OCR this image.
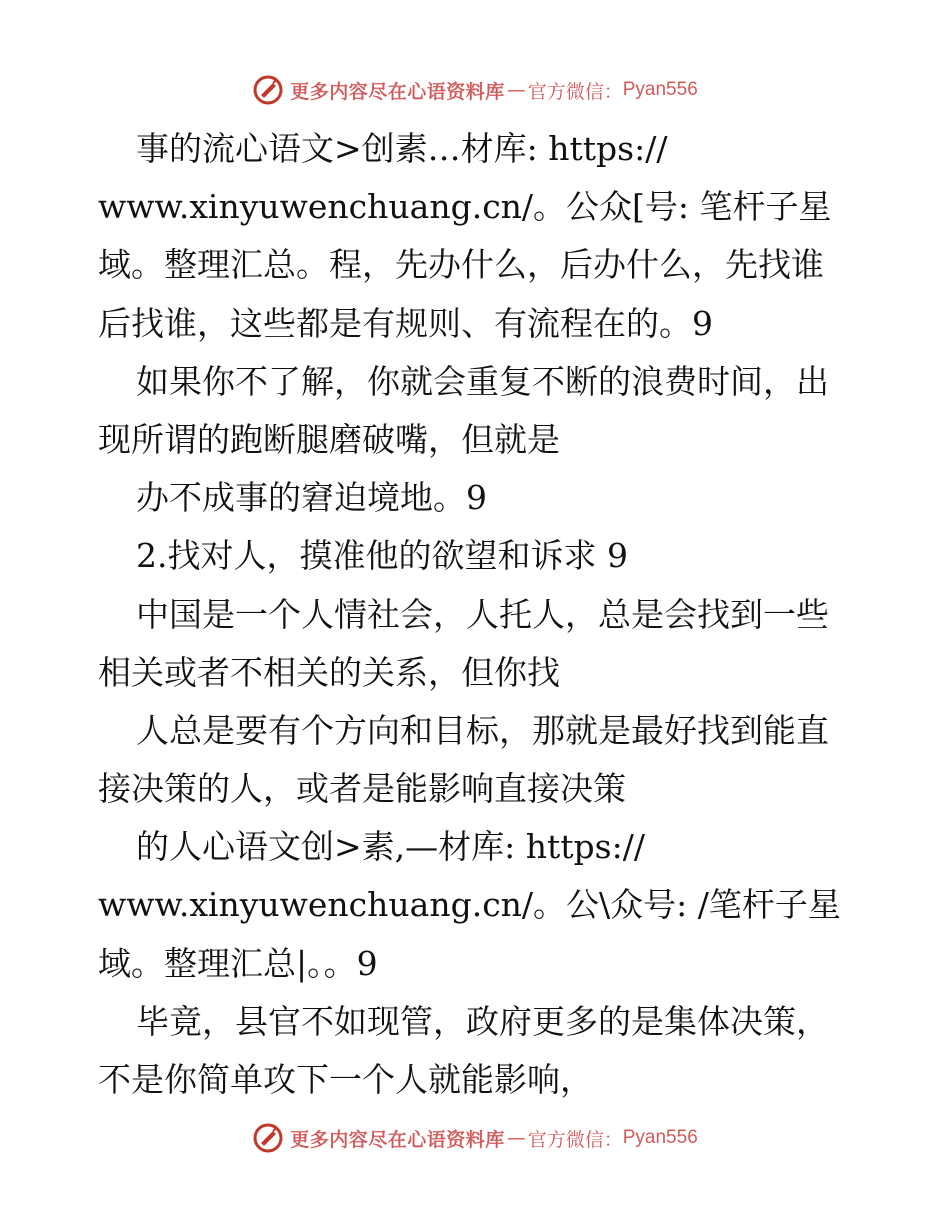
更多内容尽在心语资料库 — 官方微信： Pyan556
事的流心语文>创素…材库: https://
www.xinyuwenchuang.cn/。公众[号: 笔杆子星
域。整理汇总。程，先办什么，后办什么，先找谁
后找谁，这些都是有规则、有流程在的。9
如果你不了解，你就会重复不断的浪费时间，出
现所谓的跑断腿磨破嘴，但就是
办不成事的窘迫境地。9
2.找对人，摸准他的欲望和诉求 9
中国是一个人情社会，人托人，总是会找到一些
相关或者不相关的关系，但你找
人总是要有个方向和目标，那就是最好找到能直
接决策的人，或者是能影响直接决策
的人心语文创>素,—材库: https://
www.xinyuwenchuang.cn/。公\众号: /笔杆子星
域。整理汇总|。。9
毕竟，县官不如现管，政府更多的是集体决策，
不是你简单攻下一个人就能影响，
更多内容尽在心语资料库 — 官方微信： Pyan556
